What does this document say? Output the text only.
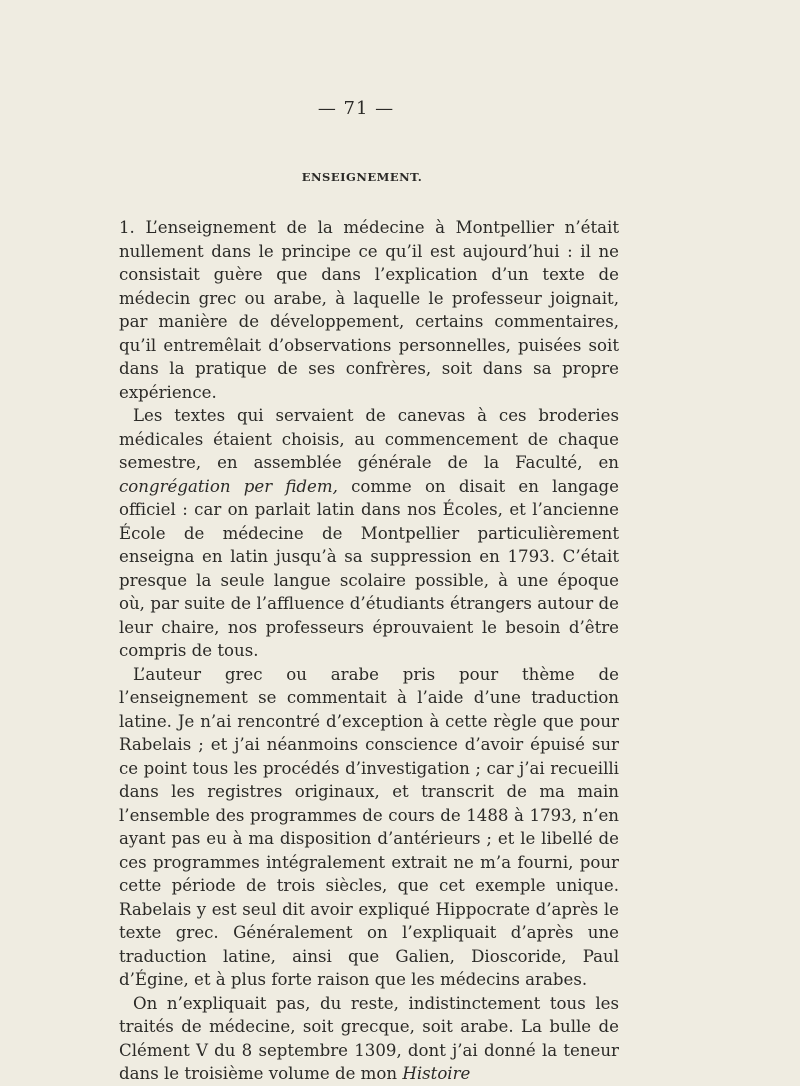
— 71 —
ENSEIGNEMENT.

1. L’enseignement de la médecine à Montpellier n’était nullement dans le principe ce qu’il est aujourd’hui : il ne consistait guère que dans l’explication d’un texte de médecin grec ou arabe, à laquelle le professeur joignait, par manière de développement, certains commentaires, qu’il entremêlait d’observations personnelles, puisées soit dans la pratique de ses confrères, soit dans sa propre expérience.

Les textes qui servaient de canevas à ces broderies médicales étaient choisis, au commencement de chaque semestre, en assemblée générale de la Faculté, en congrégation per fidem, comme on disait en langage officiel : car on parlait latin dans nos Écoles, et l’ancienne École de médecine de Montpellier particulièrement enseigna en latin jusqu’à sa suppression en 1793. C’était presque la seule langue scolaire possible, à une époque où, par suite de l’affluence d’étudiants étrangers autour de leur chaire, nos professeurs éprouvaient le besoin d’être compris de tous.

L’auteur grec ou arabe pris pour thème de l’enseignement se commentait à l’aide d’une traduction latine. Je n’ai rencontré d’exception à cette règle que pour Rabelais ; et j’ai néanmoins conscience d’avoir épuisé sur ce point tous les procédés d’investigation ; car j’ai recueilli dans les registres originaux, et transcrit de ma main l’ensemble des programmes de cours de 1488 à 1793, n’en ayant pas eu à ma disposition d’antérieurs ; et le libellé de ces programmes intégralement extrait ne m’a fourni, pour cette période de trois siècles, que cet exemple unique. Rabelais y est seul dit avoir expliqué Hippocrate d’après le texte grec. Généralement on l’expliquait d’après une traduction latine, ainsi que Galien, Dioscoride, Paul d’Égine, et à plus forte raison que les médecins arabes.

On n’expliquait pas, du reste, indistinctement tous les traités de médecine, soit grecque, soit arabe. La bulle de Clément V du 8 septembre 1309, dont j’ai donné la teneur dans le troisième volume de mon Histoire
